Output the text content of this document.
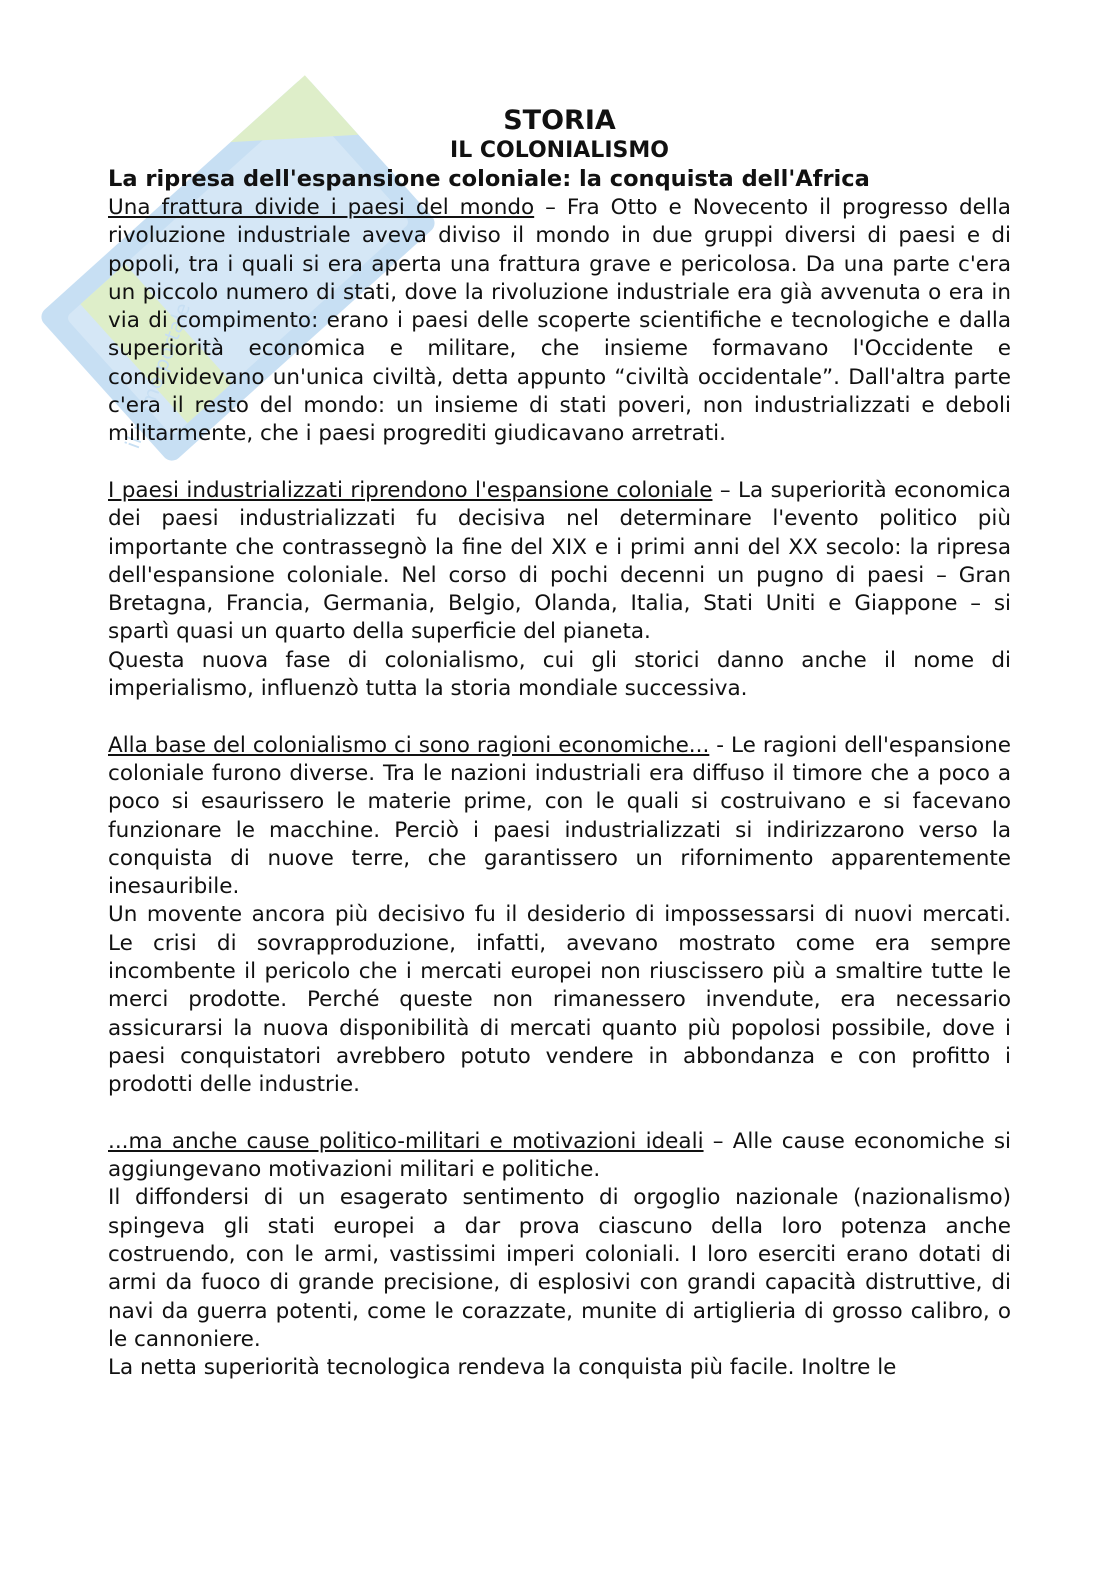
il primo portale
STORIA
IL COLONIALISMO
La ripresa dell'espansione coloniale: la conquista dell'Africa

Una frattura divide i paesi del mondo – Fra Otto e Novecento il progresso della rivoluzione industriale aveva diviso il mondo in due gruppi diversi di paesi e di popoli, tra i quali si era aperta una frattura grave e pericolosa. Da una parte c'era un piccolo numero di stati, dove la rivoluzione industriale era già avvenuta o era in via di compimento: erano i paesi delle scoperte scientifiche e tecnologiche e dalla superiorità economica e militare, che insieme formavano l'Occidente e condividevano un'unica civiltà, detta appunto “civiltà occidentale”. Dall'altra parte c'era il resto del mondo: un insieme di stati poveri, non industrializzati e deboli militarmente, che i paesi progrediti giudicavano arretrati.

I paesi industrializzati riprendono l'espansione coloniale – La superiorità economica dei paesi industrializzati fu decisiva nel determinare l'evento politico più importante che contrassegnò la fine del XIX e i primi anni del XX secolo: la ripresa dell'espansione coloniale. Nel corso di pochi decenni un pugno di paesi – Gran Bretagna, Francia, Germania, Belgio, Olanda, Italia, Stati Uniti e Giappone – si spartì quasi un quarto della superficie del pianeta.

Questa nuova fase di colonialismo, cui gli storici danno anche il nome di imperialismo, influenzò tutta la storia mondiale successiva.

Alla base del colonialismo ci sono ragioni economiche... - Le ragioni dell'espansione coloniale furono diverse. Tra le nazioni industriali era diffuso il timore che a poco a poco si esaurissero le materie prime, con le quali si costruivano e si facevano funzionare le macchine. Perciò i paesi industrializzati si indirizzarono verso la conquista di nuove terre, che garantissero un rifornimento apparentemente inesauribile.

Un movente ancora più decisivo fu il desiderio di impossessarsi di nuovi mercati. Le crisi di sovrapproduzione, infatti, avevano mostrato come era sempre incombente il pericolo che i mercati europei non riuscissero più a smaltire tutte le merci prodotte. Perché queste non rimanessero invendute, era necessario assicurarsi la nuova disponibilità di mercati quanto più popolosi possibile, dove i paesi conquistatori avrebbero potuto vendere in abbondanza e con profitto i prodotti delle industrie.

...ma anche cause politico-militari e motivazioni ideali – Alle cause economiche si aggiungevano motivazioni militari e politiche.

Il diffondersi di un esagerato sentimento di orgoglio nazionale (nazionalismo) spingeva gli stati europei a dar prova ciascuno della loro potenza anche costruendo, con le armi, vastissimi imperi coloniali. I loro eserciti erano dotati di armi da fuoco di grande precisione, di esplosivi con grandi capacità distruttive, di navi da guerra potenti, come le corazzate, munite di artiglieria di grosso calibro, o le cannoniere.

La netta superiorità tecnologica rendeva la conquista più facile. Inoltre le
